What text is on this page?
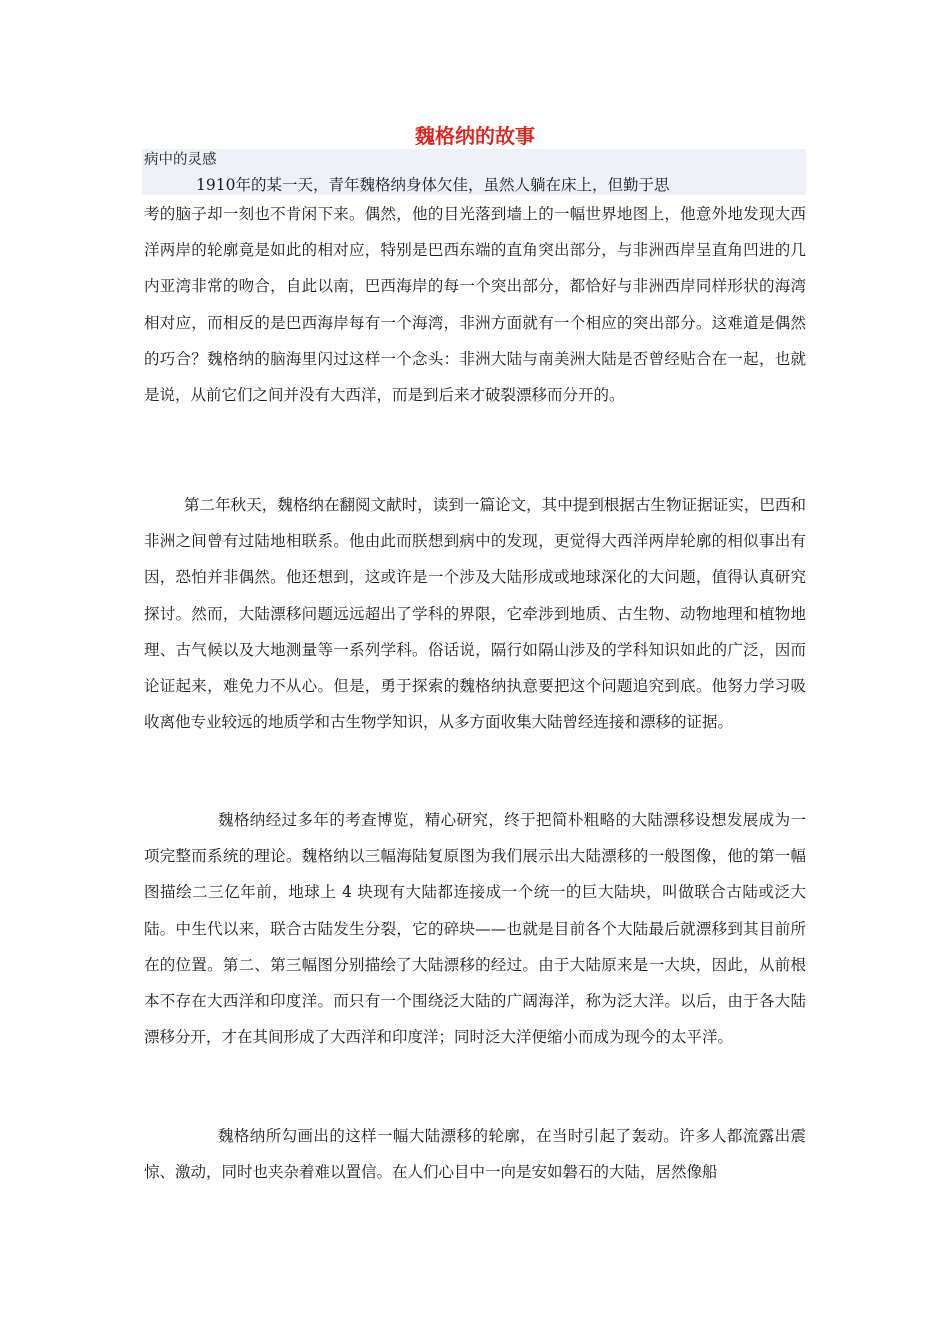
魏格纳的故事
病中的灵感
1910年的某一天，青年魏格纳身体欠佳，虽然人躺在床上，但勤于思

考的脑子却一刻也不肯闲下来。偶然，他的目光落到墙上的一幅世界地图上，他意外地发现大西洋两岸的轮廓竟是如此的相对应，特别是巴西东端的直角突出部分，与非洲西岸呈直角凹进的几内亚湾非常的吻合，自此以南，巴西海岸的每一个突出部分，都恰好与非洲西岸同样形状的海湾相对应，而相反的是巴西海岸每有一个海湾，非洲方面就有一个相应的突出部分。这难道是偶然的巧合？魏格纳的脑海里闪过这样一个念头：非洲大陆与南美洲大陆是否曾经贴合在一起，也就是说，从前它们之间并没有大西洋，而是到后来才破裂漂移而分开的。

第二年秋天，魏格纳在翻阅文献时，读到一篇论文，其中提到根据古生物证据证实，巴西和非洲之间曾有过陆地相联系。他由此而朕想到病中的发现，更觉得大西洋两岸轮廓的相似事出有因，恐怕并非偶然。他还想到，这或许是一个涉及大陆形成或地球深化的大问题，值得认真研究探讨。然而，大陆漂移问题远远超出了学科的界限，它牵涉到地质、古生物、动物地理和植物地理、古气候以及大地测量等一系列学科。俗话说，隔行如隔山涉及的学科知识如此的广泛，因而论证起来，难免力不从心。但是，勇于探索的魏格纳执意要把这个问题追究到底。他努力学习吸收离他专业较远的地质学和古生物学知识，从多方面收集大陆曾经连接和漂移的证据。

魏格纳经过多年的考查博览，精心研究，终于把简朴粗略的大陆漂移设想发展成为一项完整而系统的理论。魏格纳以三幅海陆复原图为我们展示出大陆漂移的一般图像，他的第一幅图描绘二三亿年前，地球上 4 块现有大陆都连接成一个统一的巨大陆块，叫做联合古陆或泛大陆。中生代以来，联合古陆发生分裂，它的碎块——也就是目前各个大陆最后就漂移到其目前所在的位置。第二、第三幅图分别描绘了大陆漂移的经过。由于大陆原来是一大块，因此，从前根本不存在大西洋和印度洋。而只有一个围绕泛大陆的广阔海洋，称为泛大洋。以后，由于各大陆漂移分开，才在其间形成了大西洋和印度洋；同时泛大洋便缩小而成为现今的太平洋。

魏格纳所勾画出的这样一幅大陆漂移的轮廓，在当时引起了轰动。许多人都流露出震惊、激动，同时也夹杂着难以置信。在人们心目中一向是安如磐石的大陆，居然像船
